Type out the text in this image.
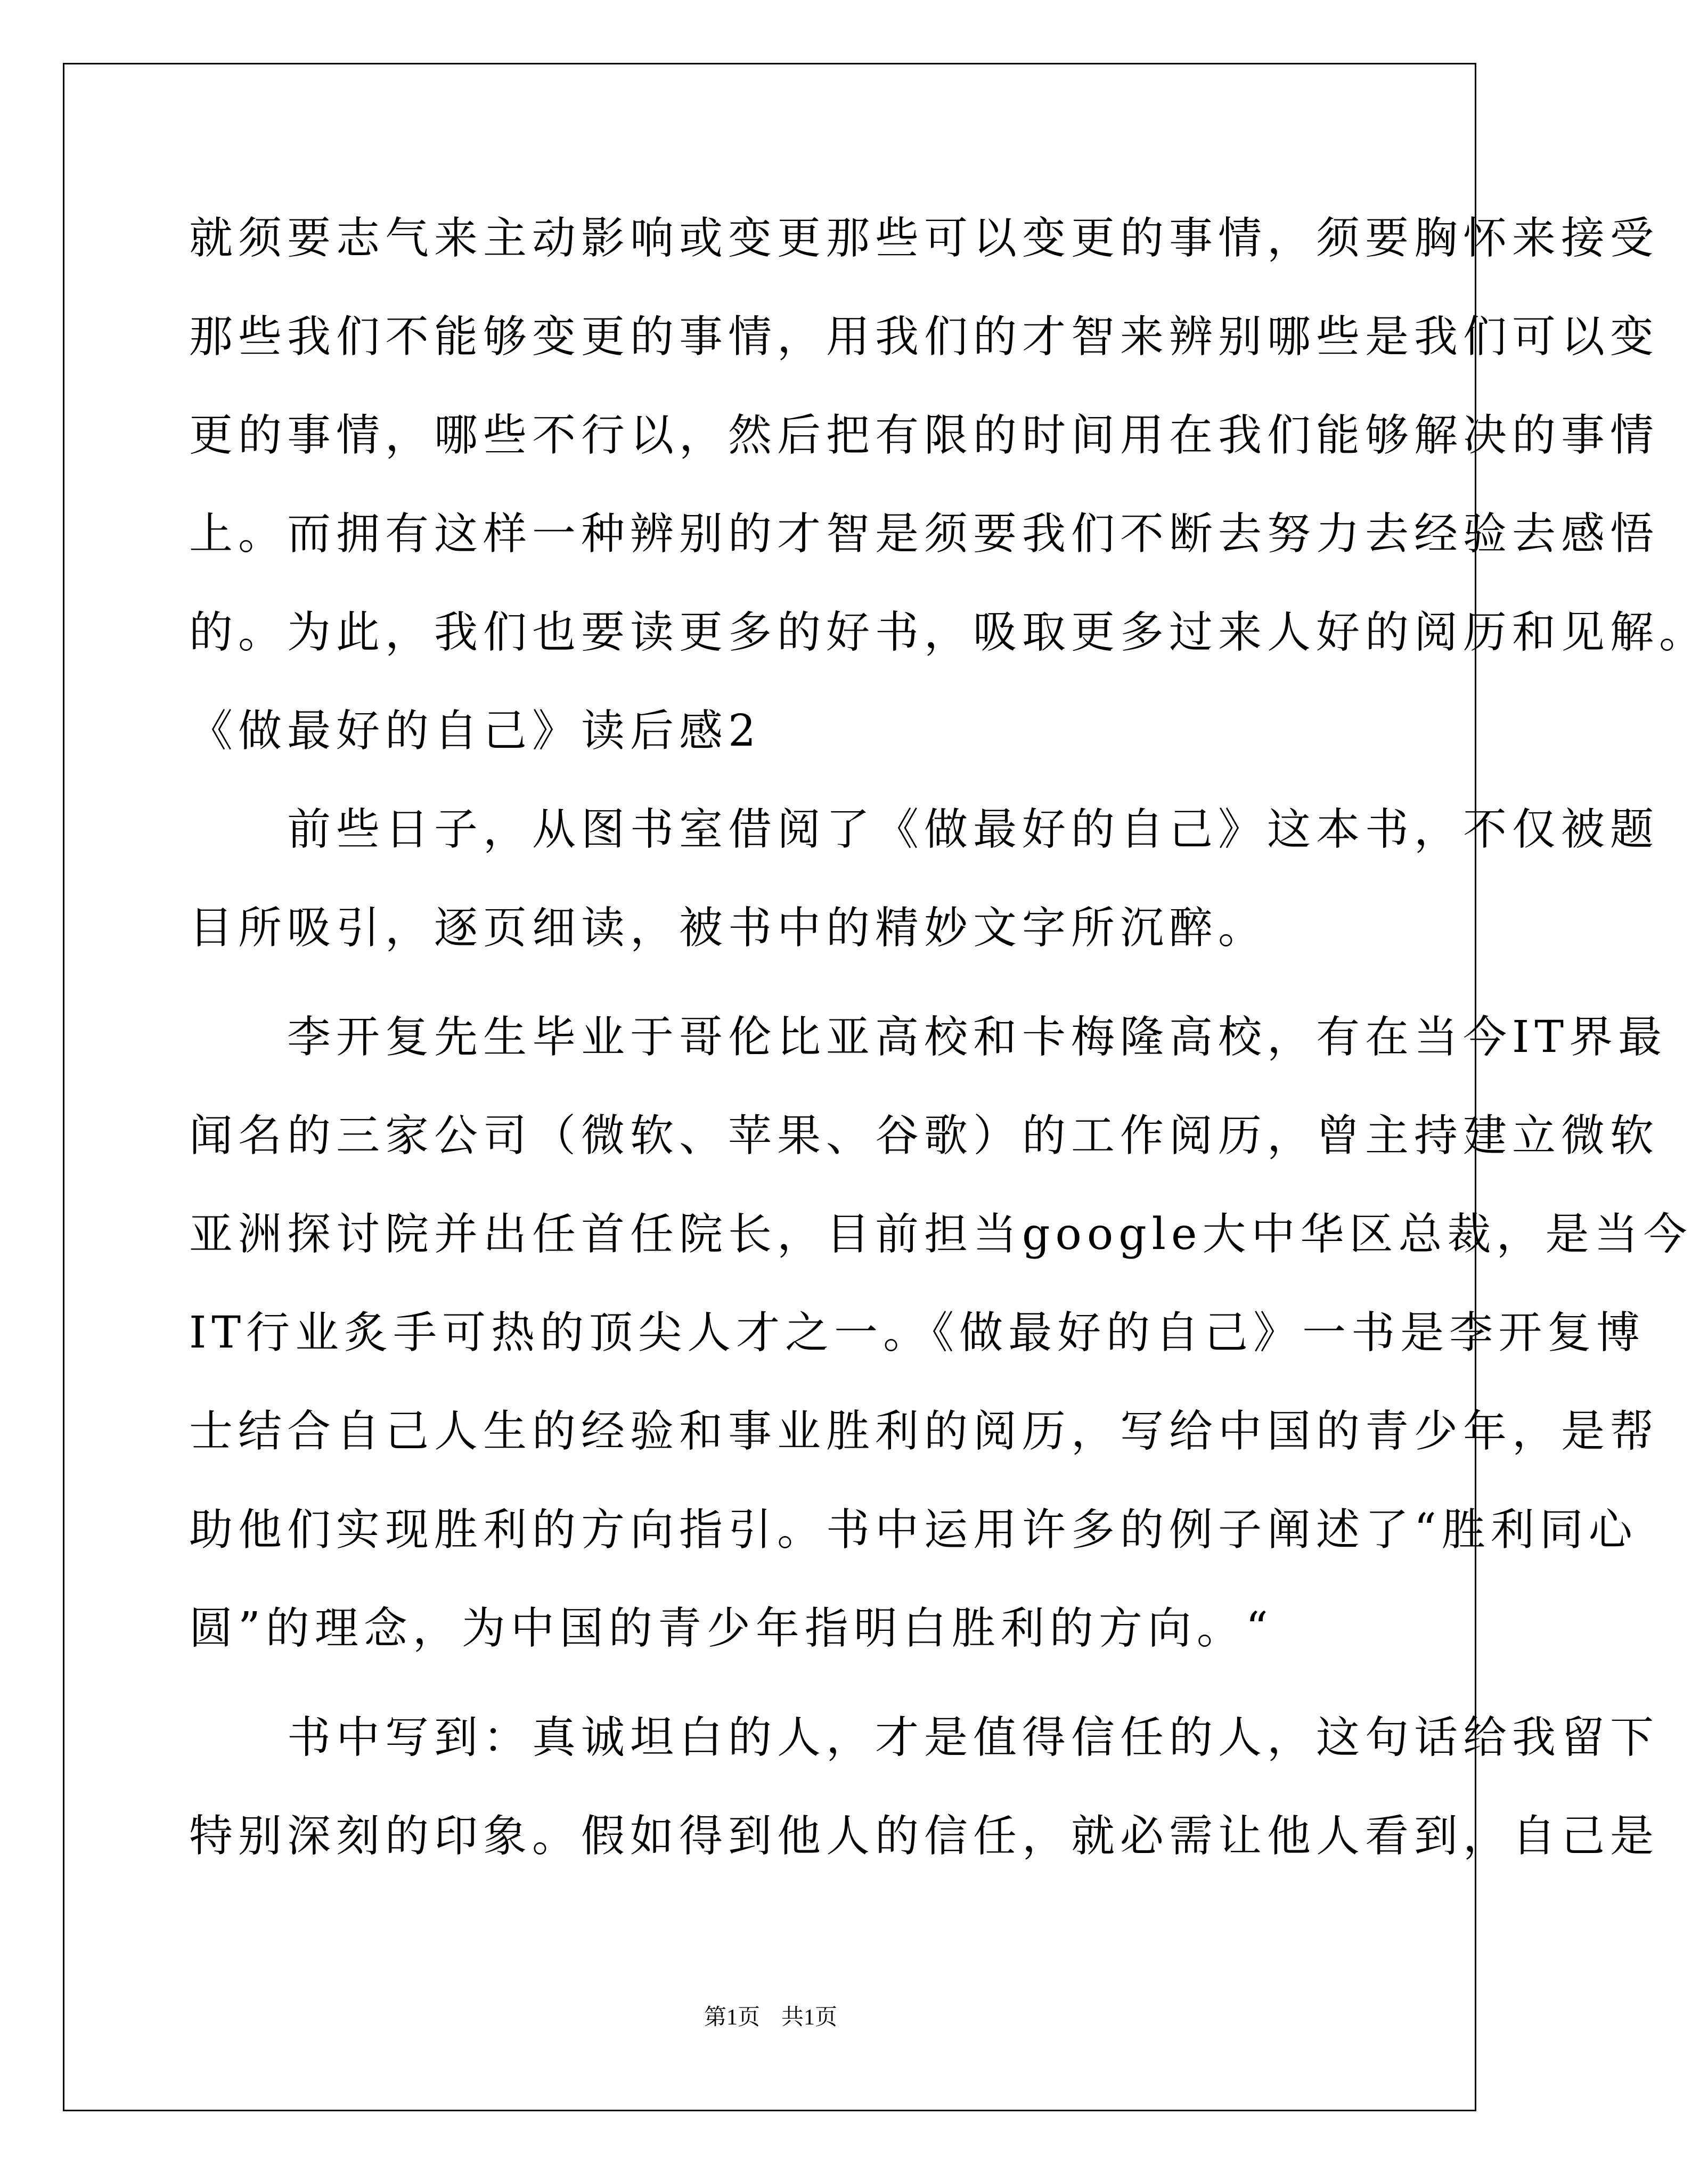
就须要志气来主动影响或变更那些可以变更的事情，须要胸怀来接受
那些我们不能够变更的事情，用我们的才智来辨别哪些是我们可以变
更的事情，哪些不行以，然后把有限的时间用在我们能够解决的事情
上。而拥有这样一种辨别的才智是须要我们不断去努力去经验去感悟
的。为此，我们也要读更多的好书，吸取更多过来人好的阅历和见解。
《做最好的自己》读后感2
　　前些日子，从图书室借阅了《做最好的自己》这本书，不仅被题
目所吸引，逐页细读，被书中的精妙文字所沉醉。
　　李开复先生毕业于哥伦比亚高校和卡梅隆高校，有在当今IT界最
闻名的三家公司（微软、苹果、谷歌）的工作阅历，曾主持建立微软
亚洲探讨院并出任首任院长，目前担当google大中华区总裁，是当今
IT行业炙手可热的顶尖人才之一。《做最好的自己》一书是李开复博
士结合自己人生的经验和事业胜利的阅历，写给中国的青少年，是帮
助他们实现胜利的方向指引。书中运用许多的例子阐述了“胜利同心
圆”的理念，为中国的青少年指明白胜利的方向。“
　　书中写到：真诚坦白的人，才是值得信任的人，这句话给我留下
特别深刻的印象。假如得到他人的信任，就必需让他人看到，自己是
第1页 共1页
